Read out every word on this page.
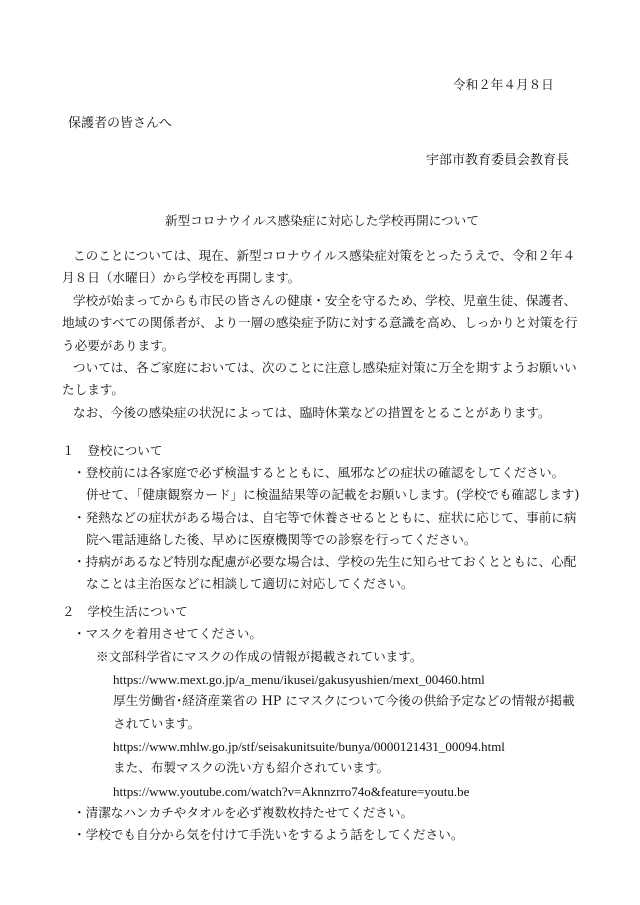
令和２年４月８日
保護者の皆さんへ
宇部市教育委員会教育長
新型コロナウイルス感染症に対応した学校再開について
このことについては、現在、新型コロナウイルス感染症対策をとったうえで、令和２年４
月８日（水曜日）から学校を再開します。
学校が始まってからも市民の皆さんの健康・安全を守るため、学校、児童生徒、保護者、
地域のすべての関係者が、より一層の感染症予防に対する意識を高め、しっかりと対策を行
う必要があります。
ついては、各ご家庭においては、次のことに注意し感染症対策に万全を期すようお願いい
たします。
なお、今後の感染症の状況によっては、臨時休業などの措置をとることがあります。
１　登校について
・登校前には各家庭で必ず検温するとともに、風邪などの症状の確認をしてください。
併せて、「健康観察カード」に検温結果等の記載をお願いします。(学校でも確認します)
・発熱などの症状がある場合は、自宅等で休養させるとともに、症状に応じて、事前に病
院へ電話連絡した後、早めに医療機関等での診察を行ってください。
・持病があるなど特別な配慮が必要な場合は、学校の先生に知らせておくとともに、心配
なことは主治医などに相談して適切に対応してください。
２　学校生活について
・マスクを着用させてください。
※文部科学省にマスクの作成の情報が掲載されています。
https://www.mext.go.jp/a_menu/ikusei/gakusyushien/mext_00460.html
厚生労働省･経済産業省の HP にマスクについて今後の供給予定などの情報が掲載
されています。
https://www.mhlw.go.jp/stf/seisakunitsuite/bunya/0000121431_00094.html
また、布製マスクの洗い方も紹介されています。
https://www.youtube.com/watch?v=Aknnzrro74o&feature=youtu.be
・清潔なハンカチやタオルを必ず複数枚持たせてください。
・学校でも自分から気を付けて手洗いをするよう話をしてください。
